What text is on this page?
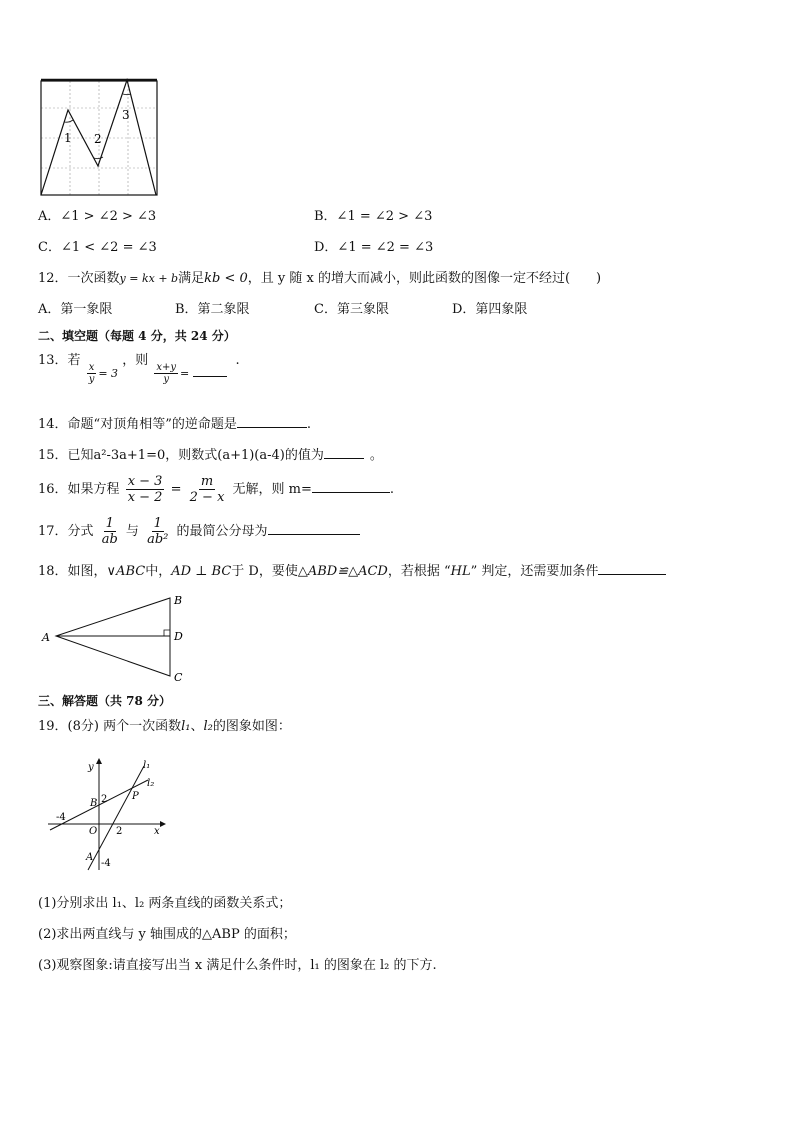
1 2
3
A．∠1 > ∠2 > ∠3	B．∠1 = ∠2 > ∠3
C．∠1 < ∠2 = ∠3	D．∠1 = ∠2 = ∠3
12．一次函数y = kx + b满足kb < 0，且 y 随 x 的增大而减小，则此函数的图像一定不经过(　　)
A．第一象限	B．第二象限	C．第三象限	D．第四象限
二、填空题（每题 4 分，共 24 分）
13．若
$\frac{x}{y} = 3$ ，则
$\frac{x+y}{y}$ =  .
14．命题“对顶角相等”的逆命题是	.
15．已知a²-3a+1=0，则数式(a+1)(a-4)的值为	。
16．如果方程 $\frac{x - 3}{x - 2} = \frac{m}{2 - x}$ 无解，则 m=	.
17．分式 $\frac{1}{ab}$ 与 $\frac{1}{\text{ab²}}$ 的最简公分母为
18．如图，∨ABC中，AD ⊥ BC于 D，要使△ABD≌△ACD，若根据 “HL” 判定，还需要加条件
A
B
D
C
三、解答题（共 78 分）
19．(8分) 两个一次函数l₁、l₂的图象如图：
y
x
O
B
A
P
-4
2
2
-4
l₁
l₂
(1)分别求出 l₁、l₂ 两条直线的函数关系式；
(2)求出两直线与 y 轴围成的△ABP 的面积；
(3)观察图象:请直接写出当 x 满足什么条件时，l₁ 的图象在 l₂ 的下方.
